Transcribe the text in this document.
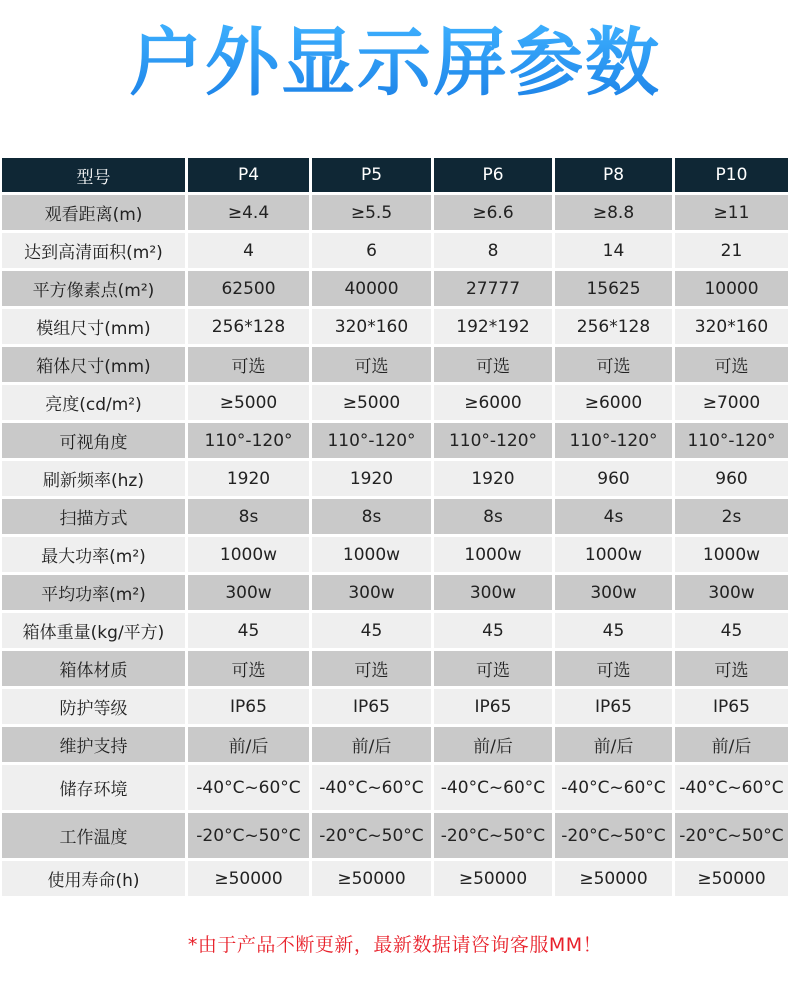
户外显示屏参数
型号	P4	P5	P6	P8	P10
观看距离(m)	≥4.4	≥5.5	≥6.6	≥8.8	≥11
达到高清面积(m²)	4	6	8	14	21
平方像素点(m²)	62500	40000	27777	15625	10000
模组尺寸(mm)	256*128	320*160	192*192	256*128	320*160
箱体尺寸(mm)	可选	可选	可选	可选	可选
亮度(cd/m²)	≥5000	≥5000	≥6000	≥6000	≥7000
可视角度	110°-120°	110°-120°	110°-120°	110°-120°	110°-120°
刷新频率(hz)	1920	1920	1920	960	960
扫描方式	8s	8s	8s	4s	2s
最大功率(m²)	1000w	1000w	1000w	1000w	1000w
平均功率(m²)	300w	300w	300w	300w	300w
箱体重量(kg/平方)	45	45	45	45	45
箱体材质	可选	可选	可选	可选	可选
防护等级	IP65	IP65	IP65	IP65	IP65
维护支持	前/后	前/后	前/后	前/后	前/后
储存环境	-40°C~60°C	-40°C~60°C	-40°C~60°C	-40°C~60°C	-40°C~60°C
工作温度	-20°C~50°C	-20°C~50°C	-20°C~50°C	-20°C~50°C	-20°C~50°C
使用寿命(h)	≥50000	≥50000	≥50000	≥50000	≥50000
*由于产品不断更新，最新数据请咨询客服MM！
